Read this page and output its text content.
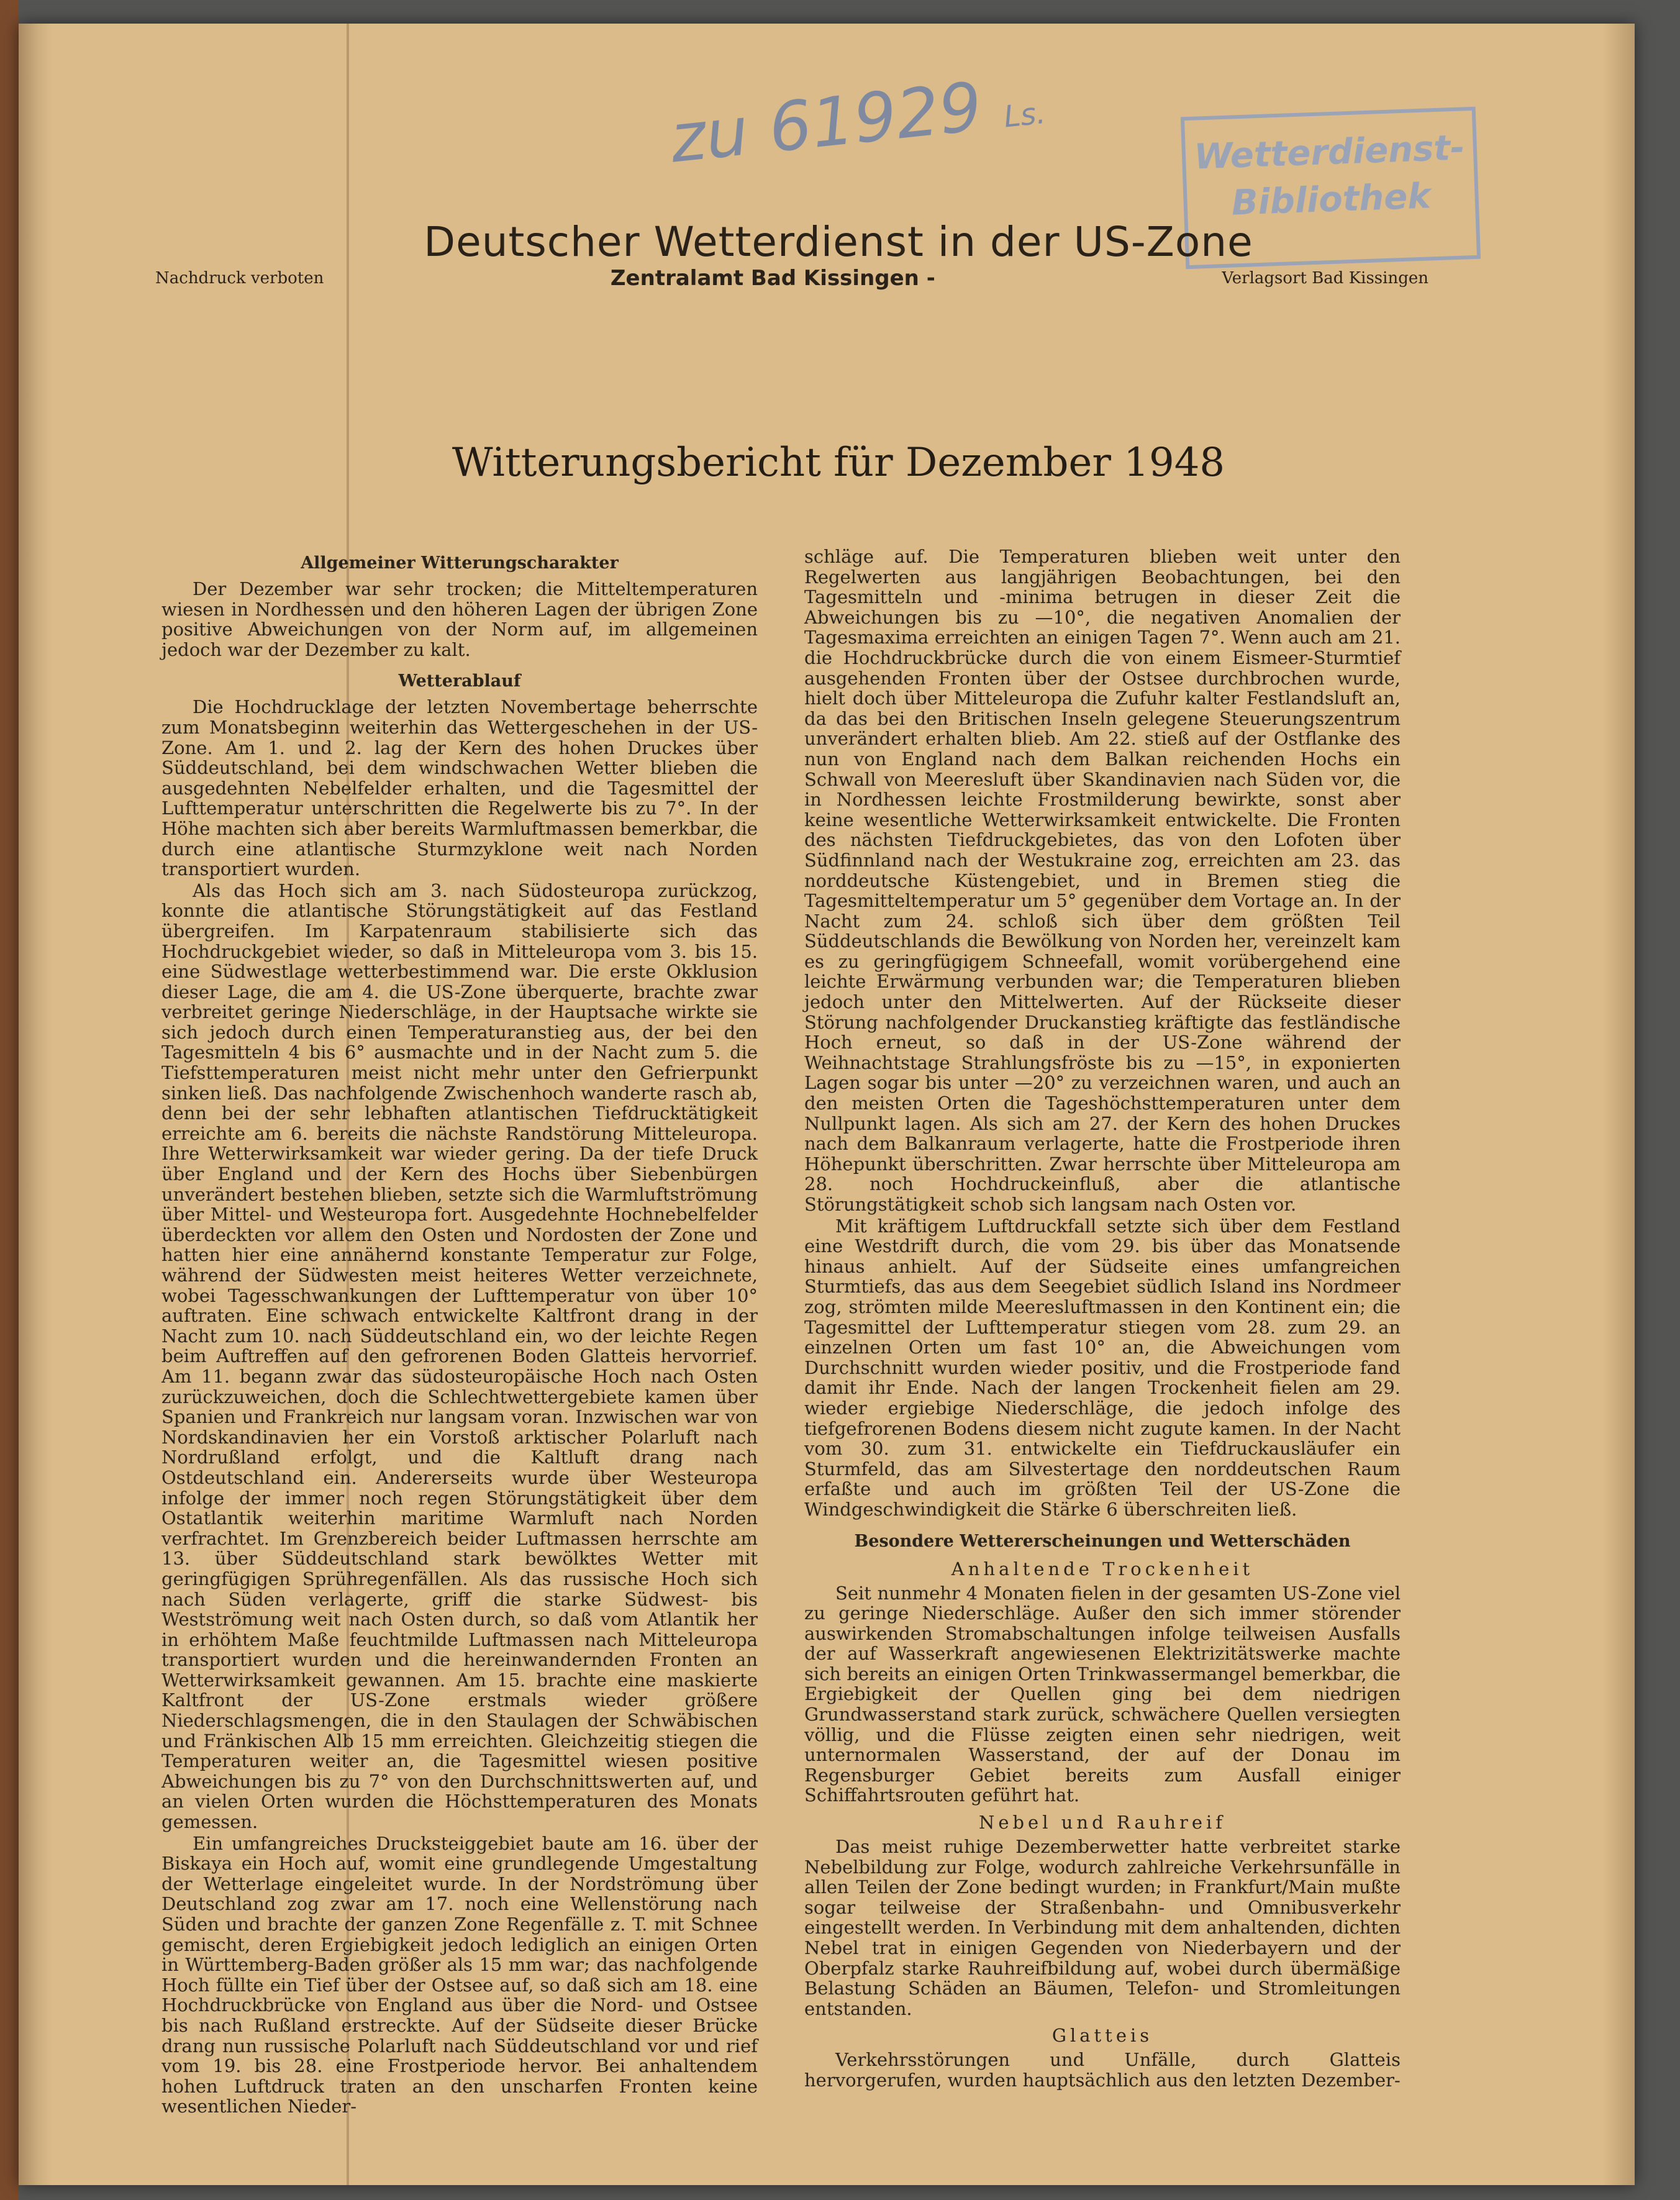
zu 61929 Ls.
Wetterdienst-
Bibliothek
Deutscher Wetterdienst in der US-Zone
Nachdruck verboten	Zentralamt Bad Kissingen -	Verlagsort Bad Kissingen
Witterungsbericht für Dezember 1948
Allgemeiner Witterungscharakter

Der Dezember war sehr trocken; die Mitteltemperaturen wiesen in Nordhessen und den höheren Lagen der übrigen Zone positive Abweichungen von der Norm auf, im allgemeinen jedoch war der Dezember zu kalt.

Wetterablauf

Die Hochdrucklage der letzten Novembertage beherrschte zum Monatsbeginn weiterhin das Wettergeschehen in der US-Zone. Am 1. und 2. lag der Kern des hohen Druckes über Süddeutschland, bei dem windschwachen Wetter blieben die ausgedehnten Nebelfelder erhalten, und die Tagesmittel der Lufttemperatur unterschritten die Regelwerte bis zu 7°. In der Höhe machten sich aber bereits Warmluftmassen bemerkbar, die durch eine atlantische Sturmzyklone weit nach Norden transportiert wurden.

Als das Hoch sich am 3. nach Südosteuropa zurückzog, konnte die atlantische Störungstätigkeit auf das Festland übergreifen. Im Karpatenraum stabilisierte sich das Hochdruckgebiet wieder, so daß in Mitteleuropa vom 3. bis 15. eine Südwestlage wetterbestimmend war. Die erste Okklusion dieser Lage, die am 4. die US-Zone überquerte, brachte zwar verbreitet geringe Niederschläge, in der Hauptsache wirkte sie sich jedoch durch einen Temperaturanstieg aus, der bei den Tagesmitteln 4 bis 6° ausmachte und in der Nacht zum 5. die Tiefsttemperaturen meist nicht mehr unter den Gefrierpunkt sinken ließ. Das nachfolgende Zwischenhoch wanderte rasch ab, denn bei der sehr lebhaften atlantischen Tiefdrucktätigkeit erreichte am 6. bereits die nächste Randstörung Mitteleuropa. Ihre Wetterwirksamkeit war wieder gering. Da der tiefe Druck über England und der Kern des Hochs über Siebenbürgen unverändert bestehen blieben, setzte sich die Warmluftströmung über Mittel- und Westeuropa fort. Ausgedehnte Hochnebelfelder überdeckten vor allem den Osten und Nordosten der Zone und hatten hier eine annähernd konstante Temperatur zur Folge, während der Südwesten meist heiteres Wetter verzeichnete, wobei Tagesschwankungen der Lufttemperatur von über 10° auftraten. Eine schwach entwickelte Kaltfront drang in der Nacht zum 10. nach Süddeutschland ein, wo der leichte Regen beim Auftreffen auf den gefrorenen Boden Glatteis hervorrief. Am 11. begann zwar das südosteuropäische Hoch nach Osten zurückzuweichen, doch die Schlechtwettergebiete kamen über Spanien und Frankreich nur langsam voran. Inzwischen war von Nordskandinavien her ein Vorstoß arktischer Polarluft nach Nordrußland erfolgt, und die Kaltluft drang nach Ostdeutschland ein. Andererseits wurde über Westeuropa infolge der immer noch regen Störungstätigkeit über dem Ostatlantik weiterhin maritime Warmluft nach Norden verfrachtet. Im Grenzbereich beider Luftmassen herrschte am 13. über Süddeutschland stark bewölktes Wetter mit geringfügigen Sprühregenfällen. Als das russische Hoch sich nach Süden verlagerte, griff die starke Südwest- bis Westströmung weit nach Osten durch, so daß vom Atlantik her in erhöhtem Maße feuchtmilde Luftmassen nach Mitteleuropa transportiert wurden und die hereinwandernden Fronten an Wetterwirksamkeit gewannen. Am 15. brachte eine maskierte Kaltfront der US-Zone erstmals wieder größere Niederschlagsmengen, die in den Staulagen der Schwäbischen und Fränkischen Alb 15 mm erreichten. Gleichzeitig stiegen die Temperaturen weiter an, die Tagesmittel wiesen positive Abweichungen bis zu 7° von den Durchschnittswerten auf, und an vielen Orten wurden die Höchsttemperaturen des Monats gemessen.

Ein umfangreiches Drucksteiggebiet baute am 16. über der Biskaya ein Hoch auf, womit eine grundlegende Umgestaltung der Wetterlage eingeleitet wurde. In der Nordströmung über Deutschland zog zwar am 17. noch eine Wellenstörung nach Süden und brachte der ganzen Zone Regenfälle z. T. mit Schnee gemischt, deren Ergiebigkeit jedoch lediglich an einigen Orten in Württemberg-Baden größer als 15 mm war; das nachfolgende Hoch füllte ein Tief über der Ostsee auf, so daß sich am 18. eine Hochdruckbrücke von England aus über die Nord- und Ostsee bis nach Rußland erstreckte. Auf der Südseite dieser Brücke drang nun russische Polarluft nach Süddeutschland vor und rief vom 19. bis 28. eine Frostperiode hervor. Bei anhaltendem hohen Luftdruck traten an den unscharfen Fronten keine wesentlichen Nieder-

schläge auf. Die Temperaturen blieben weit unter den Regelwerten aus langjährigen Beobachtungen, bei den Tagesmitteln und -minima betrugen in dieser Zeit die Abweichungen bis zu —10°, die negativen Anomalien der Tagesmaxima erreichten an einigen Tagen 7°. Wenn auch am 21. die Hochdruckbrücke durch die von einem Eismeer-Sturmtief ausgehenden Fronten über der Ostsee durchbrochen wurde, hielt doch über Mitteleuropa die Zufuhr kalter Festlandsluft an, da das bei den Britischen Inseln gelegene Steuerungszentrum unverändert erhalten blieb. Am 22. stieß auf der Ostflanke des nun von England nach dem Balkan reichenden Hochs ein Schwall von Meeresluft über Skandinavien nach Süden vor, die in Nordhessen leichte Frostmilderung bewirkte, sonst aber keine wesentliche Wetterwirksamkeit entwickelte. Die Fronten des nächsten Tiefdruckgebietes, das von den Lofoten über Südfinnland nach der Westukraine zog, erreichten am 23. das norddeutsche Küstengebiet, und in Bremen stieg die Tagesmitteltemperatur um 5° gegenüber dem Vortage an. In der Nacht zum 24. schloß sich über dem größten Teil Süddeutschlands die Bewölkung von Norden her, vereinzelt kam es zu geringfügigem Schneefall, womit vorübergehend eine leichte Erwärmung verbunden war; die Temperaturen blieben jedoch unter den Mittelwerten. Auf der Rückseite dieser Störung nachfolgender Druckanstieg kräftigte das festländische Hoch erneut, so daß in der US-Zone während der Weihnachtstage Strahlungsfröste bis zu —15°, in exponierten Lagen sogar bis unter —20° zu verzeichnen waren, und auch an den meisten Orten die Tageshöchsttemperaturen unter dem Nullpunkt lagen. Als sich am 27. der Kern des hohen Druckes nach dem Balkanraum verlagerte, hatte die Frostperiode ihren Höhepunkt überschritten. Zwar herrschte über Mitteleuropa am 28. noch Hochdruckeinfluß, aber die atlantische Störungstätigkeit schob sich langsam nach Osten vor.

Mit kräftigem Luftdruckfall setzte sich über dem Festland eine Westdrift durch, die vom 29. bis über das Monatsende hinaus anhielt. Auf der Südseite eines umfangreichen Sturmtiefs, das aus dem Seegebiet südlich Island ins Nordmeer zog, strömten milde Meeresluftmassen in den Kontinent ein; die Tagesmittel der Lufttemperatur stiegen vom 28. zum 29. an einzelnen Orten um fast 10° an, die Abweichungen vom Durchschnitt wurden wieder positiv, und die Frostperiode fand damit ihr Ende. Nach der langen Trockenheit fielen am 29. wieder ergiebige Niederschläge, die jedoch infolge des tiefgefrorenen Bodens diesem nicht zugute kamen. In der Nacht vom 30. zum 31. entwickelte ein Tiefdruckausläufer ein Sturmfeld, das am Silvestertage den norddeutschen Raum erfaßte und auch im größten Teil der US-Zone die Windgeschwindigkeit die Stärke 6 überschreiten ließ.

Besondere Wettererscheinungen und Wetterschäden
Anhaltende Trockenheit

Seit nunmehr 4 Monaten fielen in der gesamten US-Zone viel zu geringe Niederschläge. Außer den sich immer störender auswirkenden Stromabschaltungen infolge teilweisen Ausfalls der auf Wasserkraft angewiesenen Elektrizitätswerke machte sich bereits an einigen Orten Trinkwassermangel bemerkbar, die Ergiebigkeit der Quellen ging bei dem niedrigen Grundwasserstand stark zurück, schwächere Quellen versiegten völlig, und die Flüsse zeigten einen sehr niedrigen, weit unternormalen Wasserstand, der auf der Donau im Regensburger Gebiet bereits zum Ausfall einiger Schiffahrtsrouten geführt hat.

Nebel und Rauhreif

Das meist ruhige Dezemberwetter hatte verbreitet starke Nebelbildung zur Folge, wodurch zahlreiche Verkehrsunfälle in allen Teilen der Zone bedingt wurden; in Frankfurt/Main mußte sogar teilweise der Straßenbahn- und Omnibusverkehr eingestellt werden. In Verbindung mit dem anhaltenden, dichten Nebel trat in einigen Gegenden von Niederbayern und der Oberpfalz starke Rauhreifbildung auf, wobei durch übermäßige Belastung Schäden an Bäumen, Telefon- und Stromleitungen entstanden.

Glatteis

Verkehrsstörungen und Unfälle, durch Glatteis hervorgerufen, wurden hauptsächlich aus den letzten Dezember-
